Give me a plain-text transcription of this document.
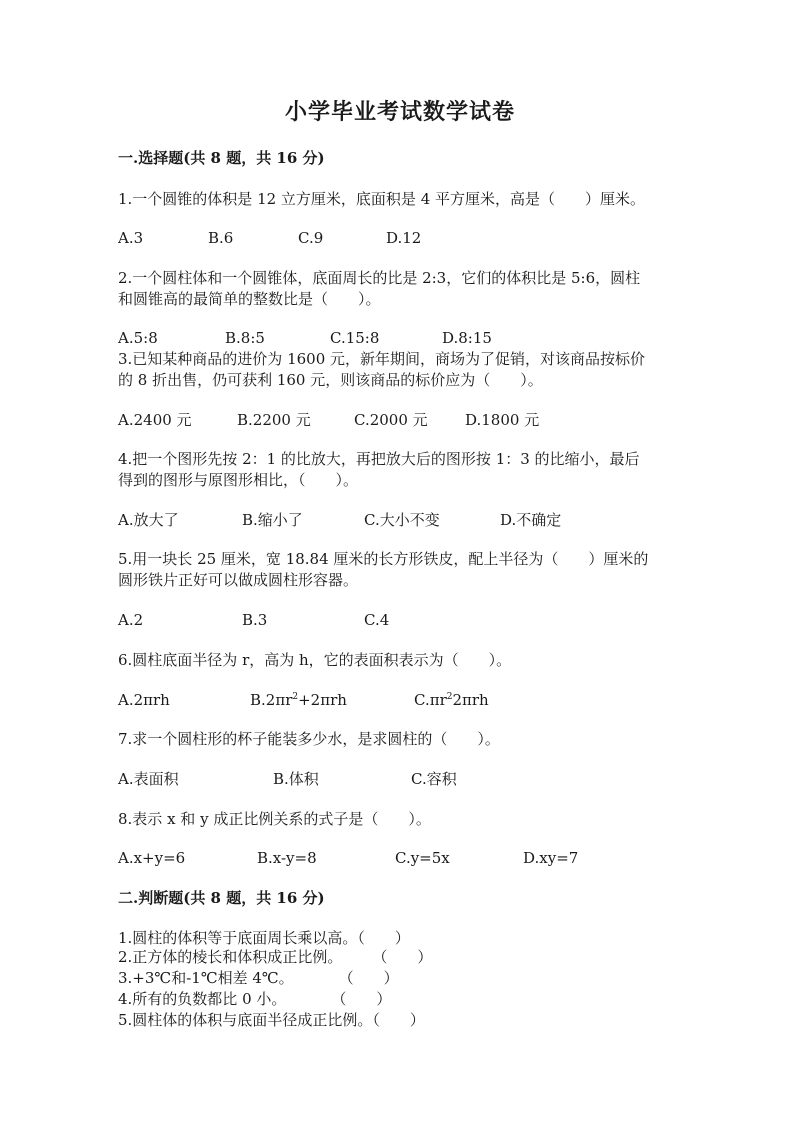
小学毕业考试数学试卷
一.选择题(共 8 题，共 16 分)
1.一个圆锥的体积是 12 立方厘米，底面积是 4 平方厘米，高是（　　）厘米。
A.3	B.6	C.9	D.12
2.一个圆柱体和一个圆锥体，底面周长的比是 2:3，它们的体积比是 5:6，圆柱
和圆锥高的最简单的整数比是（　　）。
A.5:8	B.8:5	C.15:8	D.8:15
3.已知某种商品的进价为 1600 元，新年期间，商场为了促销，对该商品按标价
的 8 折出售，仍可获利 160 元，则该商品的标价应为（　　）。
A.2400 元	B.2200 元	C.2000 元 D.1800 元
4.把一个图形先按 2：1 的比放大，再把放大后的图形按 1：3 的比缩小，最后
得到的图形与原图形相比，（　　）。
A.放大了	B.缩小了	C.大小不变	D.不确定
5.用一块长 25 厘米，宽 18.84 厘米的长方形铁皮，配上半径为（　　）厘米的
圆形铁片正好可以做成圆柱形容器。
A.2	B.3	C.4
6.圆柱底面半径为 r，高为 h，它的表面积表示为（　　）。
A.2πrh	$B.2\pi r^2+2\pi rh$	$C.\pi r^22\pi rh$
7.求一个圆柱形的杯子能装多少水，是求圆柱的（　　）。
A.表面积	B.体积	C.容积
8.表示 x 和 y 成正比例关系的式子是（　　）。
A.x+y=6	B.x-y=8	C.y=5x	D.xy=7
二.判断题(共 8 题，共 16 分)
1.圆柱的体积等于底面周长乘以高。（　　）
2.正方体的棱长和体积成正比例。　　　（　　）
3.+3℃和-1℃相差 4℃。　　　　（　　）
4.所有的负数都比 0 小。　　　　（　　）
5.圆柱体的体积与底面半径成正比例。（　　）
